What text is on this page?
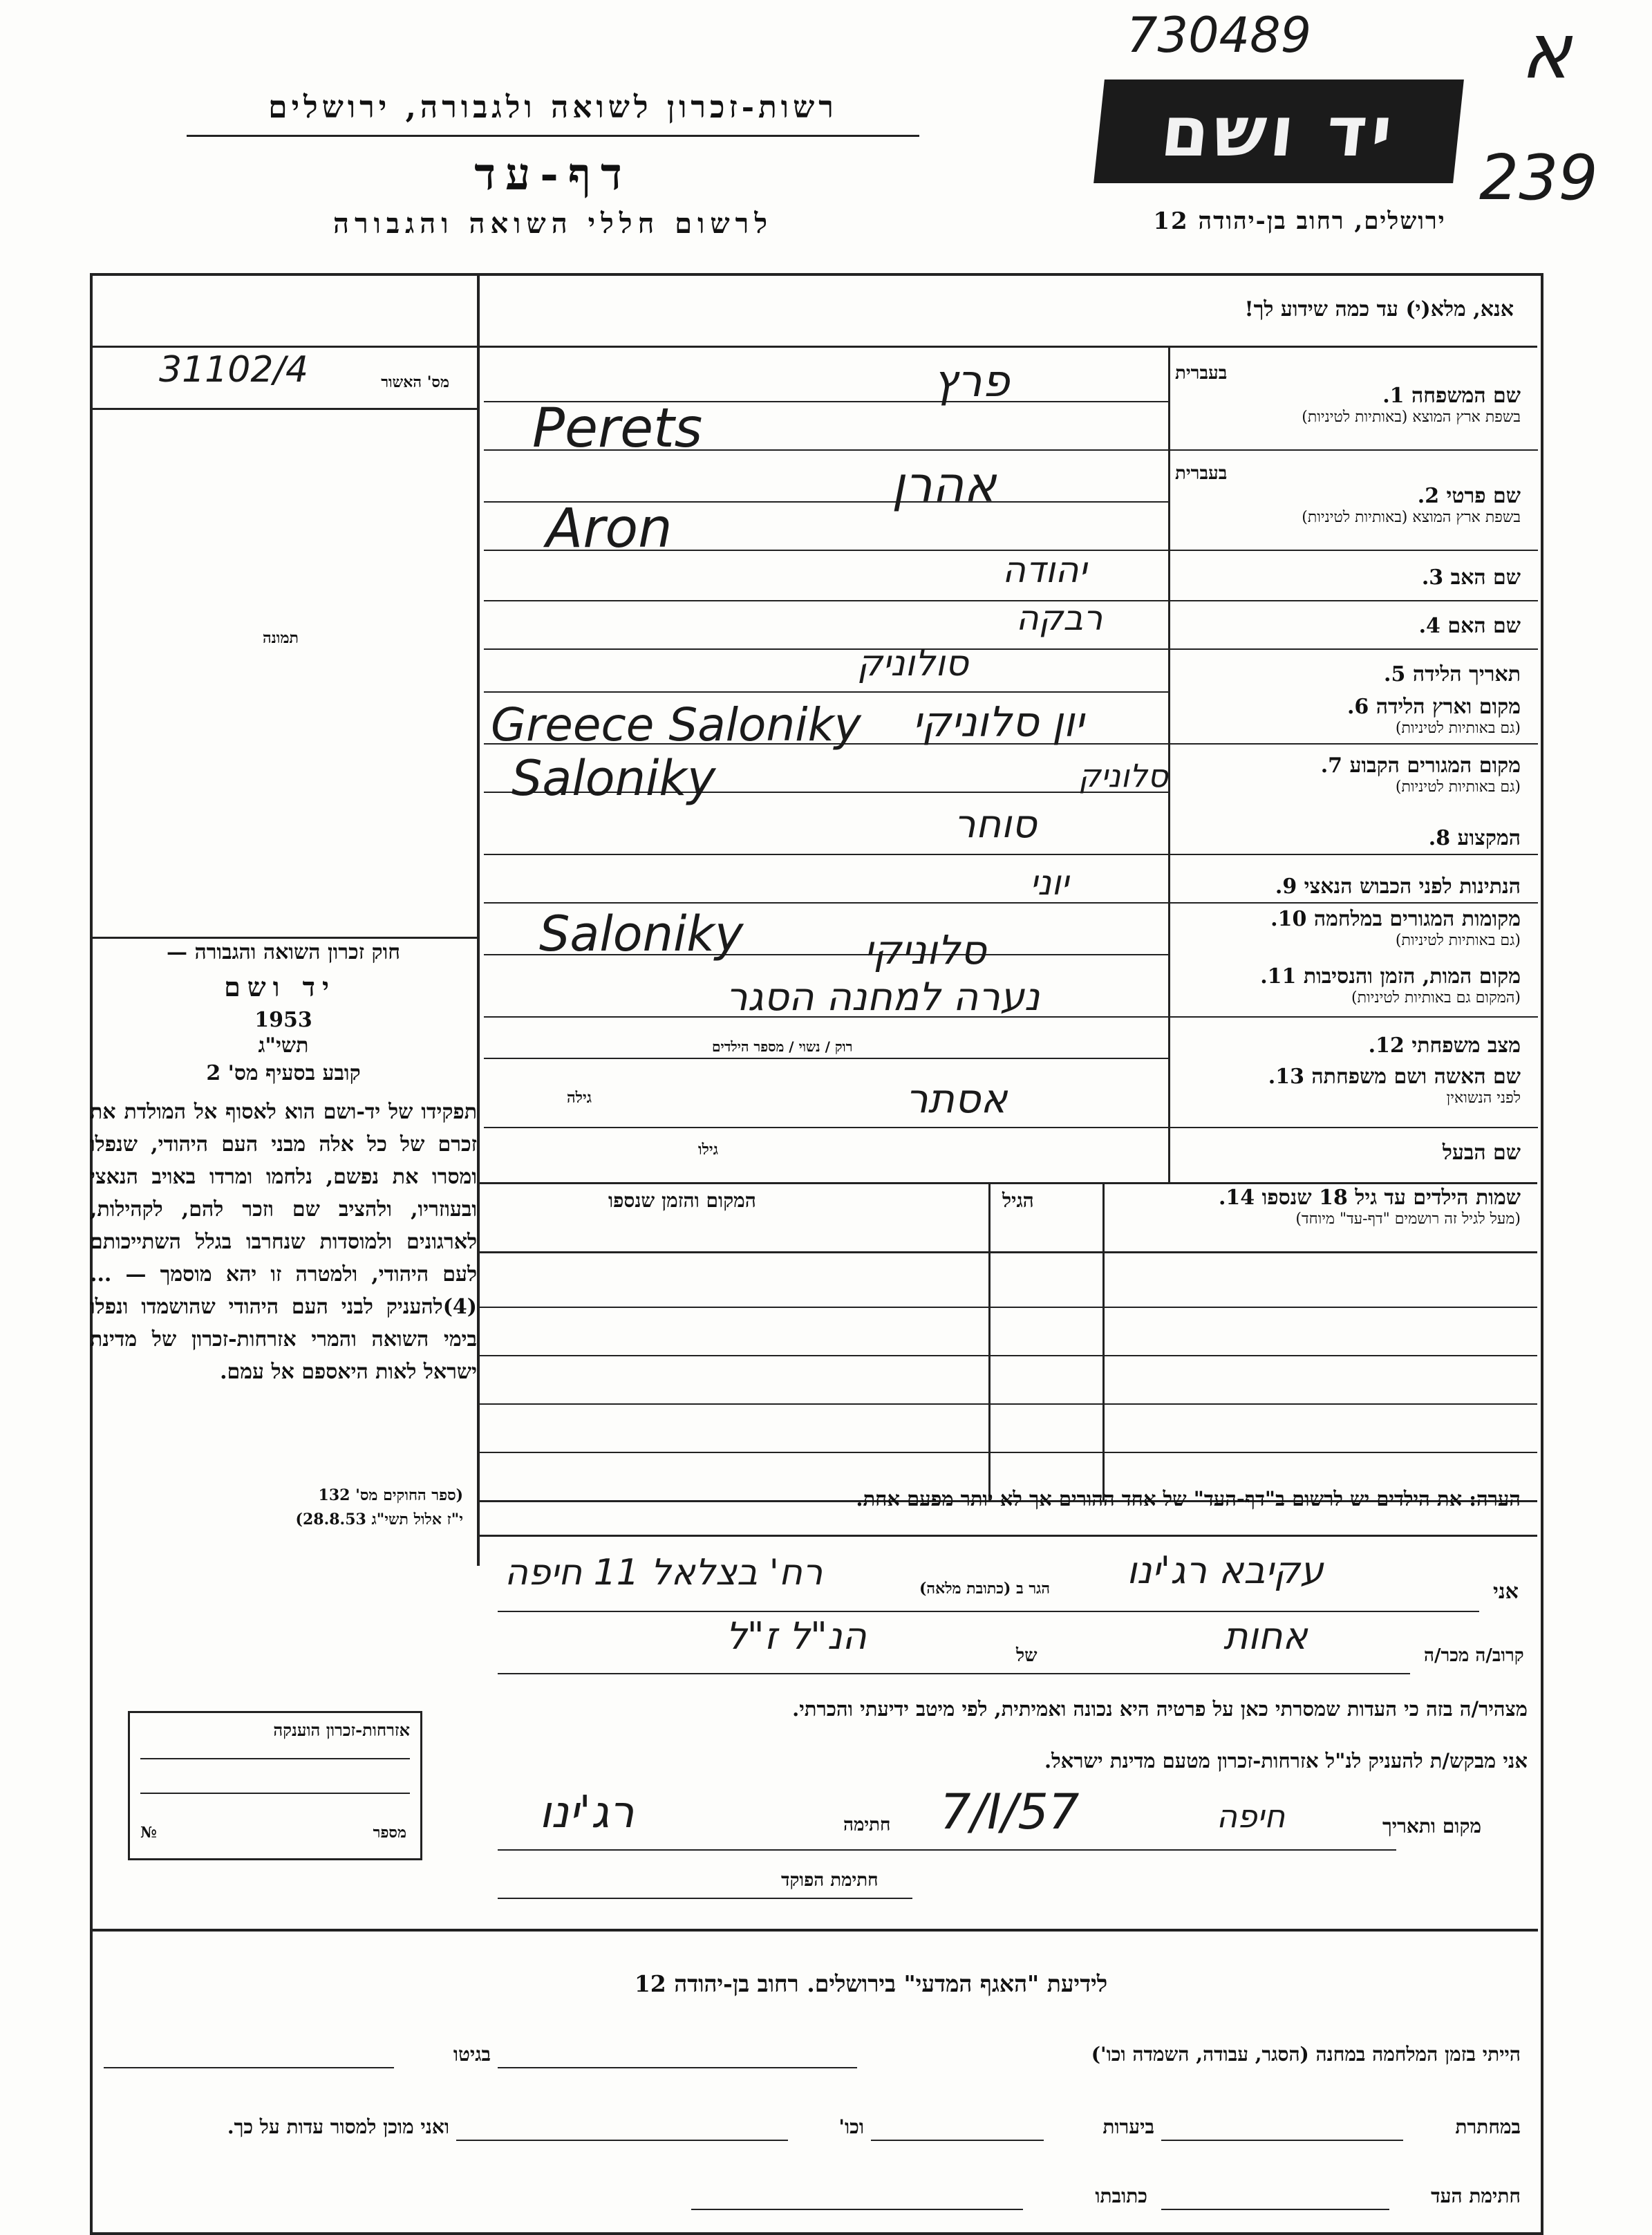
730489	א
239
רשות-זכרון לשואה ולגבורה, ירושלים
דף-עד
לרשום חללי השואה והגבורה
יד ושם
ירושלים, רחוב בן-יהודה 12
מס' האשור
31102/4
תמונה
חוק זכרון השואה והגבורה —
יד ושם
1953
תשי"ג
קובע בסעיף מס' 2
תפקידו של יד-ושם הוא לאסוף אל המולדת את זכרם של כל אלה מבני העם היהודי, שנפלו ומסרו את נפשם, נלחמו ומרדו באויב הנאצי ובעוזריו, ולהציב שם וזכר להם, לקהילות, לארגונים ולמוסדות שנחרבו בגלל השתייכותם לעם היהודי, ולמטרה זו יהא מוסמך — ...(4)להעניק לבני העם היהודי שהושמדו ונפלו בימי השואה והמרי אזרחות-זכרון של מדינת ישראל לאות היאספם אל עמם.
(ספר החוקים מס' 132
י"ז אלול תשי"ג 28.8.53)
אנא, מלא(י) עד כמה שידוע לך!
בעברית
שם המשפחה 1.
בשפת ארץ המוצא (באותיות לטיניות)
בעברית
שם פרטי 2.
בשפת ארץ המוצא (באותיות לטיניות)
שם האב 3.
שם האם 4.
תאריך הלידה 5.
מקום וארץ הלידה 6.
(גם באותיות לטיניות)
מקום המגורים הקבוע 7.
(גם באותיות לטיניות)
המקצוע 8.
הנתינות לפני הכבוש הנאצי 9.
מקומות המגורים במלחמה 10.
(גם באותיות לטיניות)
מקום המות, הזמן והנסיבות 11.
(המקום גם באותיות לטיניות)
מצב משפחתי 12.
שם האשה ושם משפחתה 13.
לפני הנשואין
שם הבעל
פרץ
Perets
אהרן
Aron
יהודה
רבקה
סולוניק
יון סלוניקי
Greece Saloniky
סלוניק
Saloniky
סוחר
יוני
סלוניקי
Saloniky
נערה למחנה הסגר
רוק / נשוי / מספר הילדים
גילה	אסתר
גילו
שמות הילדים עד גיל 18 שנספו 14.
(מעל לגיל זה רושמים "דף-עד" מיוחד)
הגיל
המקום והזמן שנספו
הערה: את הילדים יש לרשום ב"דף-העד" של אחד ההורים אך לא יותר מפעם אחת.
אני
עקיבא רג'ינו
הגר ב (כתובת מלאה)
רח' בצלאל 11 חיפה
קרוב/ה מכר/ה
אחות
של
הנ"ל ז"ל
מצהיר/ה בזה כי העדות שמסרתי כאן על פרטיה היא נכונה ואמיתית, לפי מיטב ידיעתי והכרתי.
אני מבקש/ת להעניק לנ"ל אזרחות-זכרון מטעם מדינת ישראל.
מקום ותאריך
חיפה
7/I/57
חתימה
רג'ינו
חתימת הפוקד
אזרחות-זכרון הוענקה
מספר
№
לידיעת "האגף המדעי" בירושלים. רחוב בן-יהודה 12
הייתי בזמן המלחמה במחנה (הסגר, עבודה, השמדה וכו')
בגיטו
במחתרת
ביערות
וכו'
ואני מוכן למסור עדות על כך.
חתימת העד
כתובתו
